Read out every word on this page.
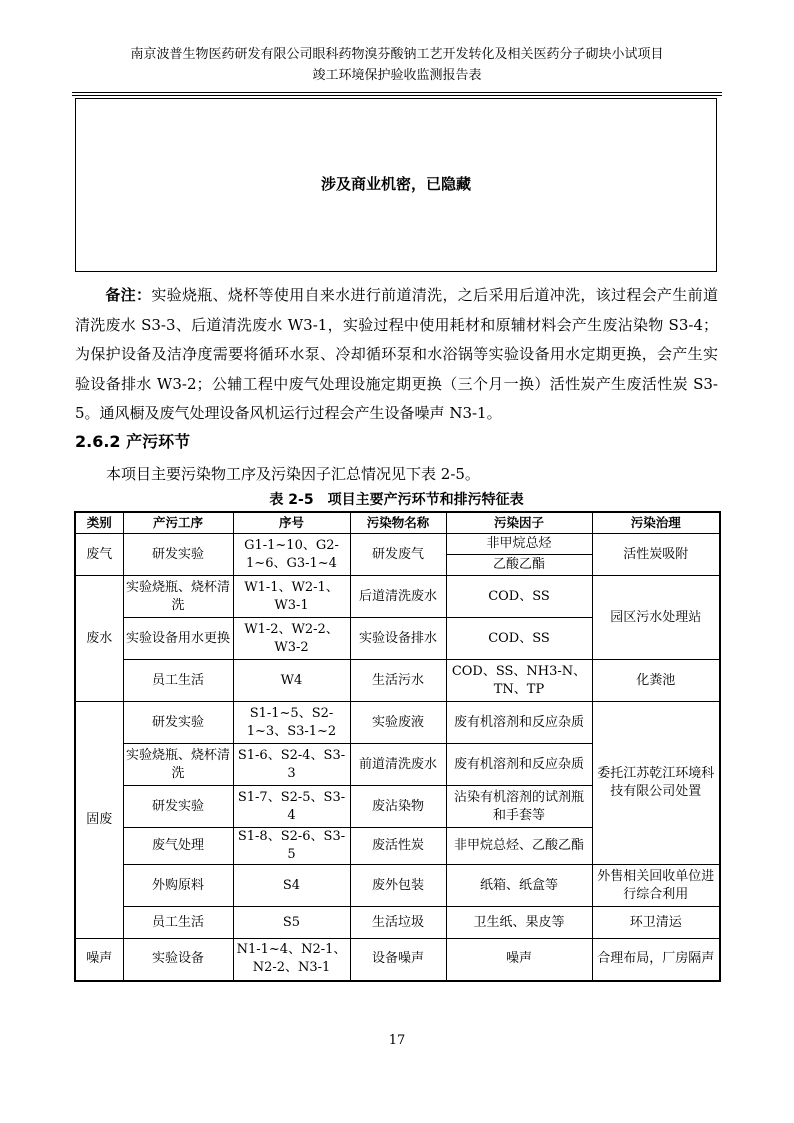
南京波普生物医药研发有限公司眼科药物溴芬酸钠工艺开发转化及相关医药分子砌块小试项目
竣工环境保护验收监测报告表
涉及商业机密，已隐藏
备注：实验烧瓶、烧杯等使用自来水进行前道清洗，之后采用后道冲洗，该过程会产生前道清洗废水 S3-3、后道清洗废水 W3-1，实验过程中使用耗材和原辅材料会产生废沾染物 S3-4；为保护设备及洁净度需要将循环水泵、冷却循环泵和水浴锅等实验设备用水定期更换，会产生实验设备排水 W3-2；公辅工程中废气处理设施定期更换（三个月一换）活性炭产生废活性炭 S3-5。通风橱及废气处理设备风机运行过程会产生设备噪声 N3-1。
2.6.2 产污环节
本项目主要污染物工序及污染因子汇总情况见下表 2-5。
表 2-5　项目主要产污环节和排污特征表
类别	产污工序	序号	污染物名称	污染因子	污染治理
废气	研发实验	G1-1~10、G2-1~6、G3-1~4	研发废气	非甲烷总烃	活性炭吸附
				乙酸乙酯	
废水	实验烧瓶、烧杯清洗	W1-1、W2-1、W3-1	后道清洗废水	COD、SS	园区污水处理站
	实验设备用水更换	W1-2、W2-2、W3-2	实验设备排水	COD、SS	
	员工生活	W4	生活污水	COD、SS、NH3-N、TN、TP	化粪池
固废	研发实验	S1-1~5、S2-1~3、S3-1~2	实验废液	废有机溶剂和反应杂质	委托江苏乾江环境科技有限公司处置
	实验烧瓶、烧杯清洗	S1-6、S2-4、S3-3	前道清洗废水	废有机溶剂和反应杂质	
	研发实验	S1-7、S2-5、S3-4	废沾染物	沾染有机溶剂的试剂瓶和手套等	
	废气处理	S1-8、S2-6、S3-5	废活性炭	非甲烷总烃、乙酸乙酯	
	外购原料	S4	废外包装	纸箱、纸盒等	外售相关回收单位进行综合利用
	员工生活	S5	生活垃圾	卫生纸、果皮等	环卫清运
噪声	实验设备	N1-1~4、N2-1、N2-2、N3-1	设备噪声	噪声	合理布局，厂房隔声
17
